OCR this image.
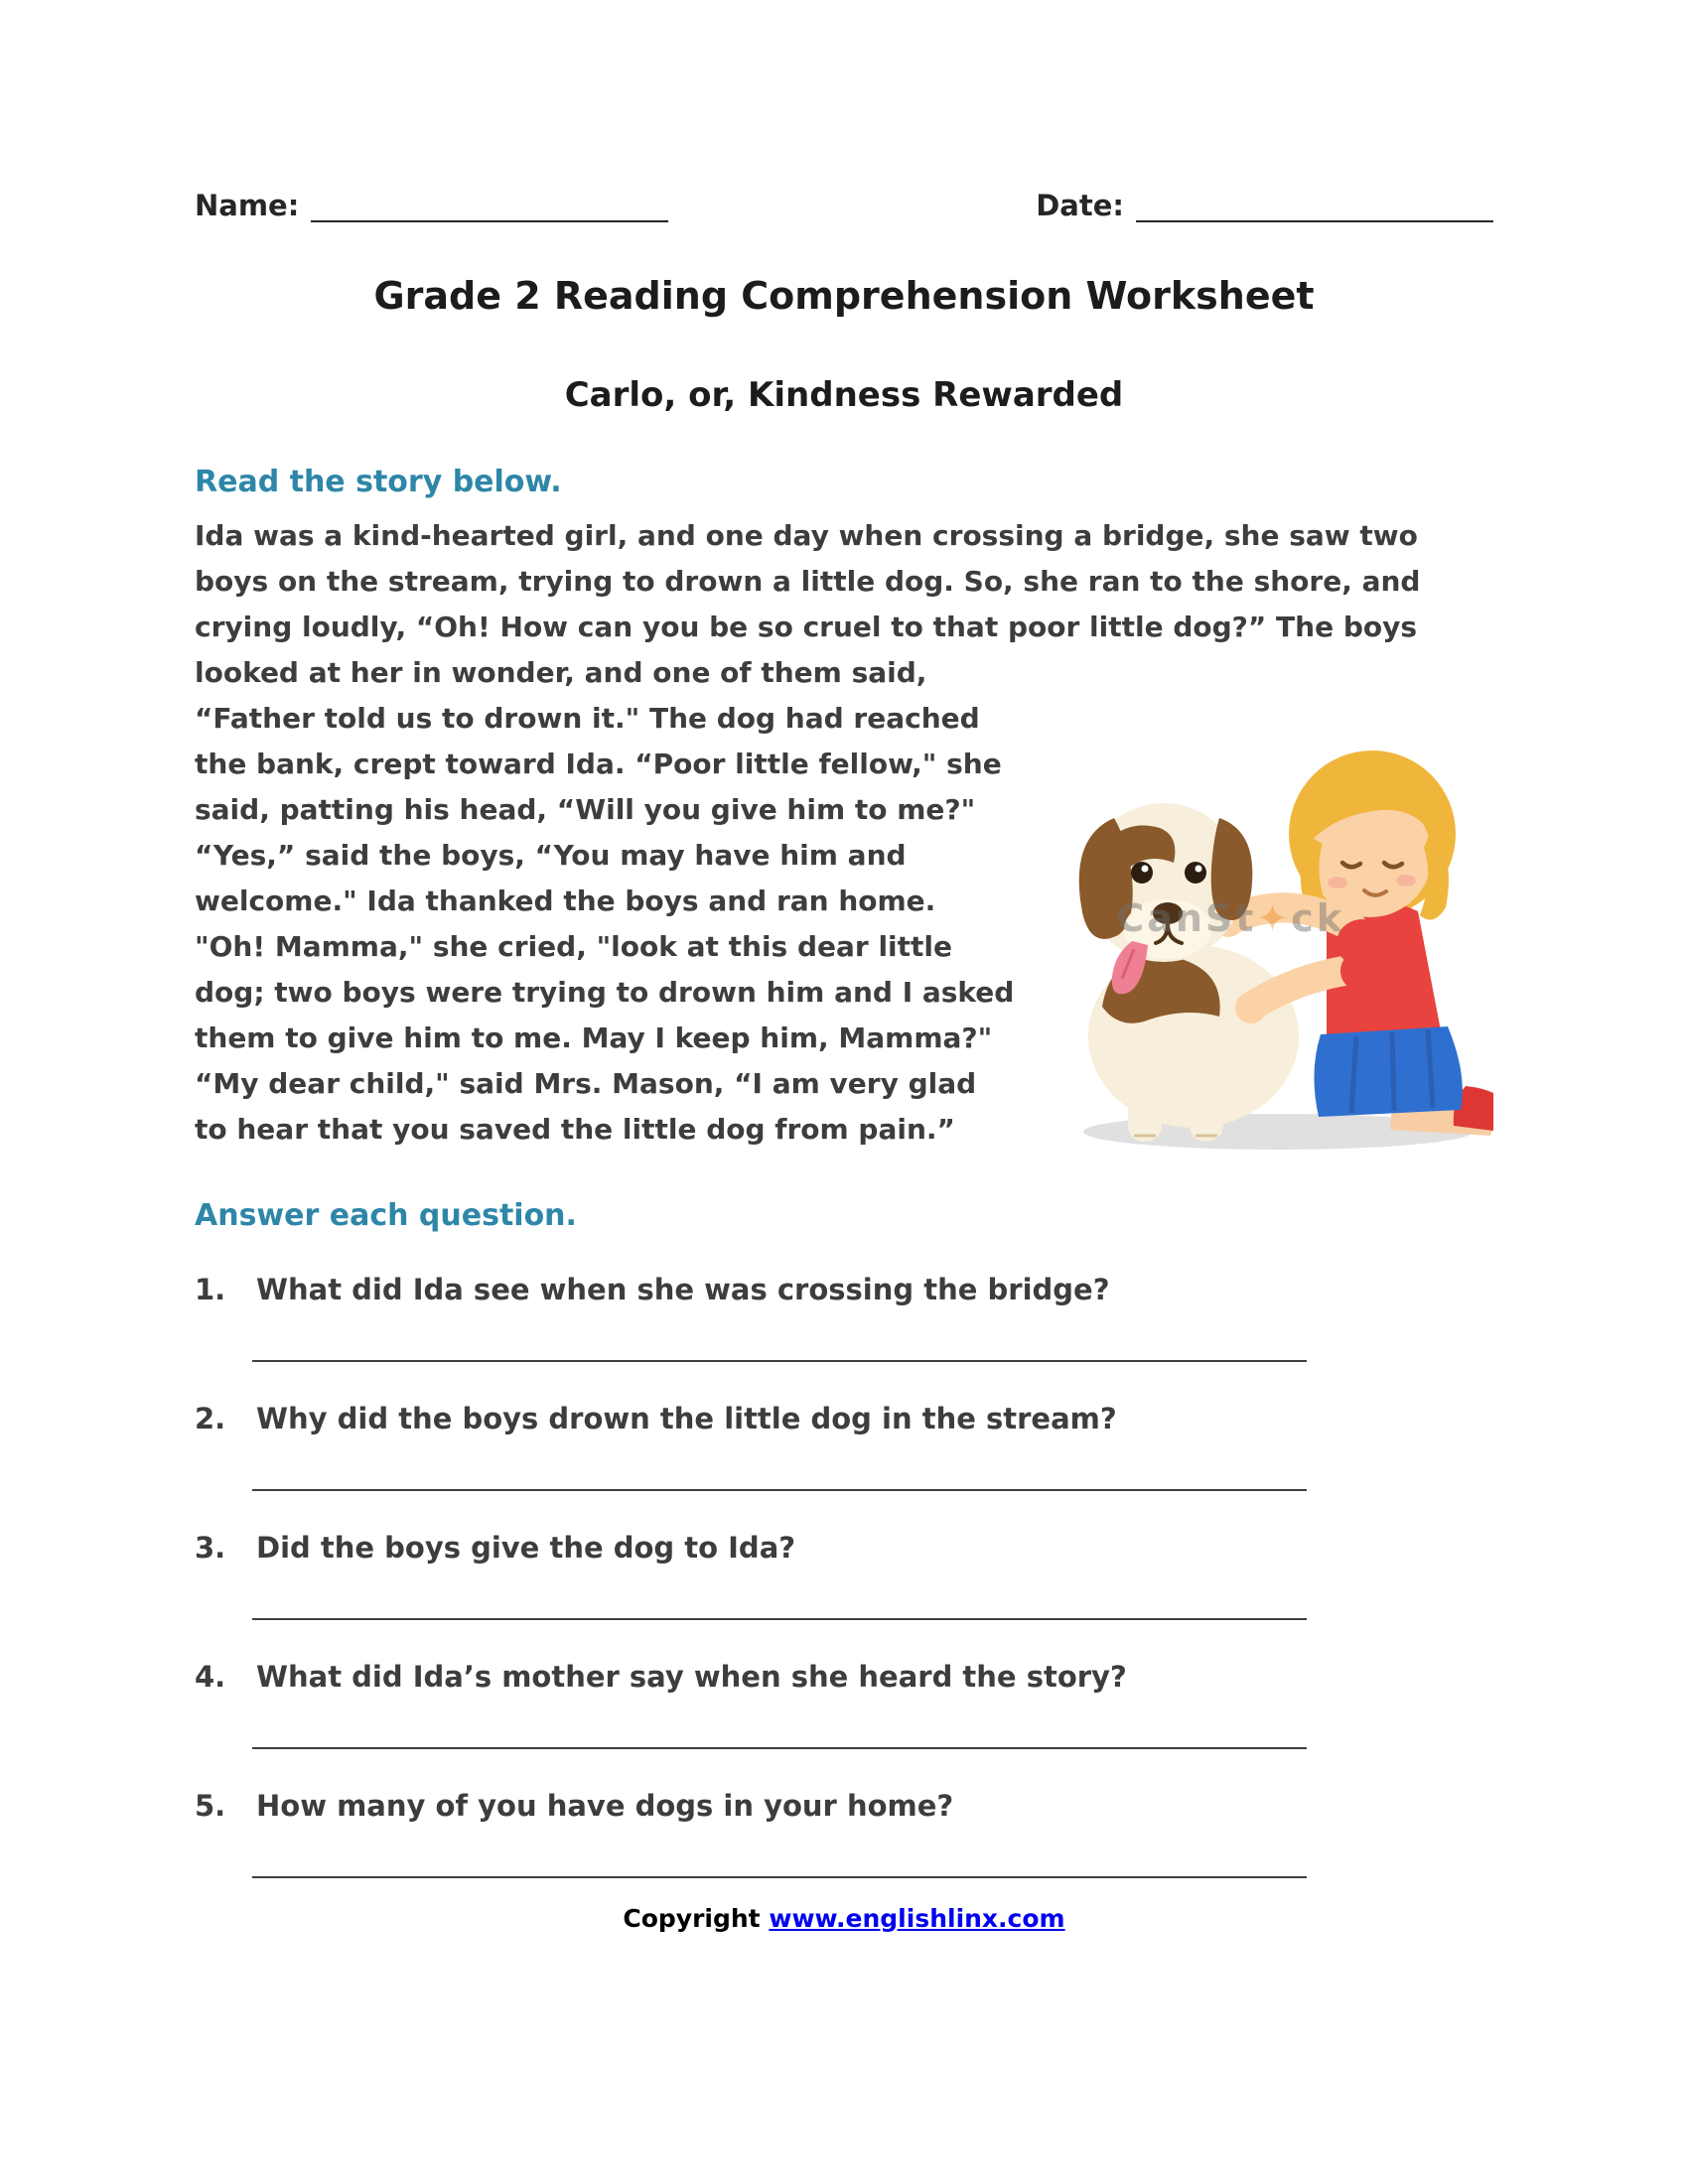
Name:	Date:
Grade 2 Reading Comprehension Worksheet
Carlo, or, Kindness Rewarded
Read the story below.
CanSt✦ck

Ida was a kind-hearted girl, and one day when crossing a bridge, she saw two boys on the stream, trying to drown a little dog. So, she ran to the shore, and crying loudly, “Oh! How can you be so cruel to that poor little dog?” The boys looked at her in wonder, and one of them said, “Father told us to drown it." The dog had reached the bank, crept toward Ida. “Poor little fellow," she said, patting his head, “Will you give him to me?" “Yes,” said the boys, “You may have him and welcome." Ida thanked the boys and ran home. "Oh! Mamma," she cried, "look at this dear little dog; two boys were trying to drown him and I asked them to give him to me. May I keep him, Mamma?" “My dear child," said Mrs. Mason, “I am very glad to hear that you saved the little dog from pain.”

Answer each question.
1.	What did Ida see when she was crossing the bridge?
2.	Why did the boys drown the little dog in the stream?
3.	Did the boys give the dog to Ida?
4.	What did Ida’s mother say when she heard the story?
5.	How many of you have dogs in your home?
Copyright www.englishlinx.com
